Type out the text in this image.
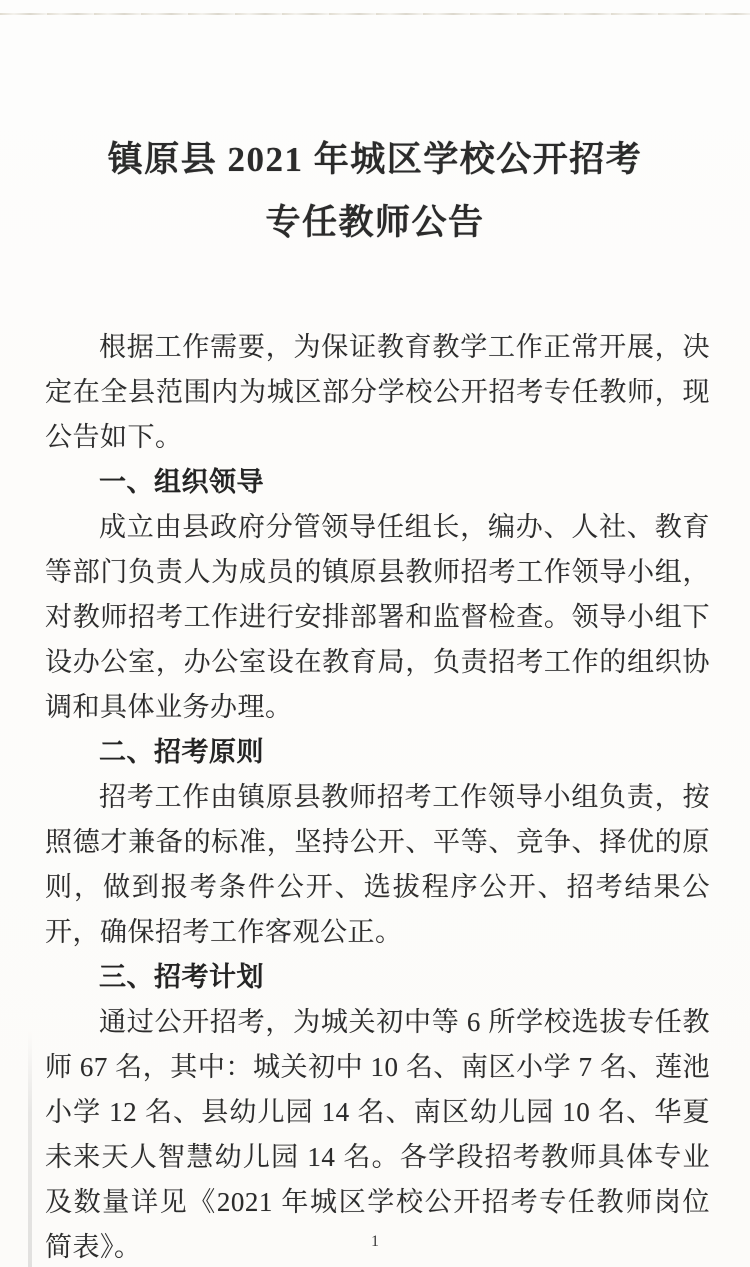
镇原县 2021 年城区学校公开招考
专任教师公告

根据工作需要，为保证教育教学工作正常开展，决定在全县范围内为城区部分学校公开招考专任教师，现公告如下。

一、组织领导

成立由县政府分管领导任组长，编办、人社、教育等部门负责人为成员的镇原县教师招考工作领导小组，对教师招考工作进行安排部署和监督检查。领导小组下设办公室，办公室设在教育局，负责招考工作的组织协调和具体业务办理。

二、招考原则

招考工作由镇原县教师招考工作领导小组负责，按照德才兼备的标准，坚持公开、平等、竞争、择优的原则，做到报考条件公开、选拔程序公开、招考结果公开，确保招考工作客观公正。

三、招考计划

通过公开招考，为城关初中等 6 所学校选拔专任教师 67 名，其中：城关初中 10 名、南区小学 7 名、莲池小学 12 名、县幼儿园 14 名、南区幼儿园 10 名、华夏未来天人智慧幼儿园 14 名。各学段招考教师具体专业及数量详见《2021 年城区学校公开招考专任教师岗位简表》。	1
